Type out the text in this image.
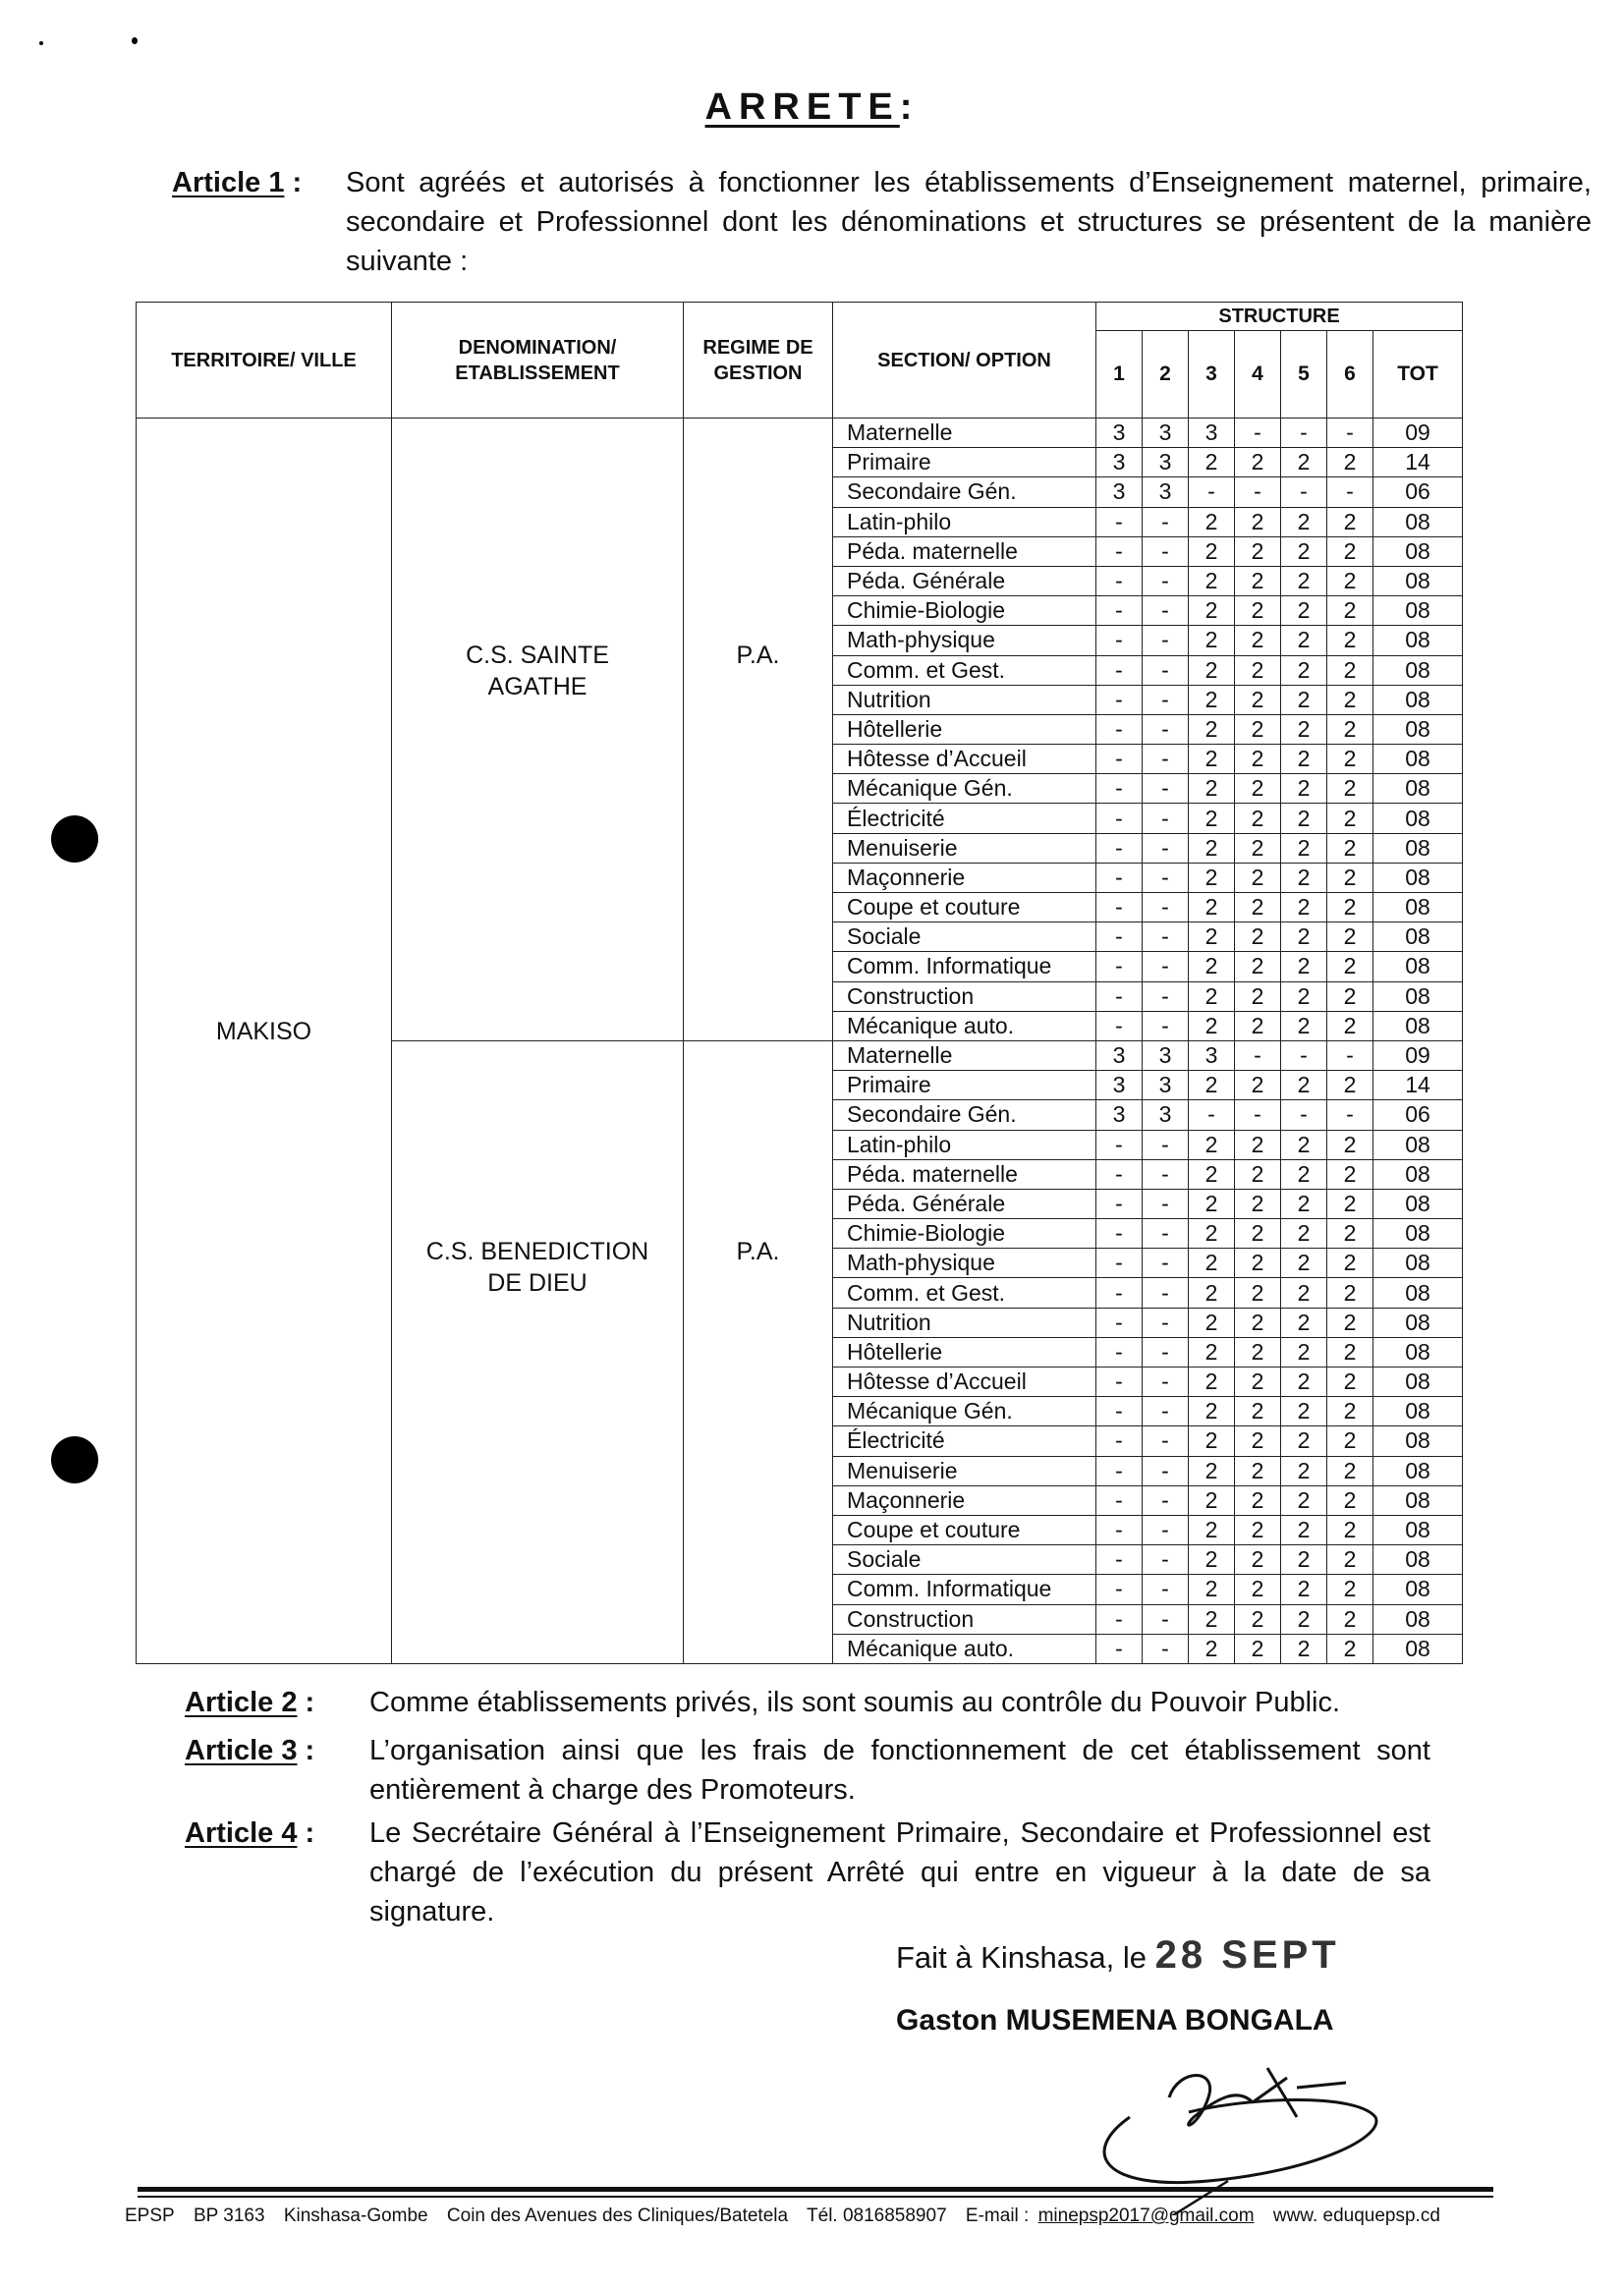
ARRETE:
Article 1 : Sont agréés et autorisés à fonctionner les établissements d’Enseignement maternel, primaire, secondaire et Professionnel dont les dénominations et structures se présentent de la manière suivante :
TERRITOIRE/ VILLE	DENOMINATION/ ETABLISSEMENT	REGIME DE GESTION	SECTION/ OPTION	STRUCTURE						
				1	2	3	4	5	6	TOT
MAKISO	C.S. SAINTE AGATHE	P.A.	Maternelle	3	3	3	-	-	-	09
			Primaire	3	3	2	2	2	2	14
			Secondaire Gén.	3	3	-	-	-	-	06
			Latin-philo	-	-	2	2	2	2	08
			Péda. maternelle	-	-	2	2	2	2	08
			Péda. Générale	-	-	2	2	2	2	08
			Chimie-Biologie	-	-	2	2	2	2	08
			Math-physique	-	-	2	2	2	2	08
			Comm. et Gest.	-	-	2	2	2	2	08
			Nutrition	-	-	2	2	2	2	08
			Hôtellerie	-	-	2	2	2	2	08
			Hôtesse d’Accueil	-	-	2	2	2	2	08
			Mécanique Gén.	-	-	2	2	2	2	08
			Électricité	-	-	2	2	2	2	08
			Menuiserie	-	-	2	2	2	2	08
			Maçonnerie	-	-	2	2	2	2	08
			Coupe et couture	-	-	2	2	2	2	08
			Sociale	-	-	2	2	2	2	08
			Comm. Informatique	-	-	2	2	2	2	08
			Construction	-	-	2	2	2	2	08
			Mécanique auto.	-	-	2	2	2	2	08
	C.S. BENEDICTION DE DIEU	P.A.	Maternelle	3	3	3	-	-	-	09
			Primaire	3	3	2	2	2	2	14
			Secondaire Gén.	3	3	-	-	-	-	06
			Latin-philo	-	-	2	2	2	2	08
			Péda. maternelle	-	-	2	2	2	2	08
			Péda. Générale	-	-	2	2	2	2	08
			Chimie-Biologie	-	-	2	2	2	2	08
			Math-physique	-	-	2	2	2	2	08
			Comm. et Gest.	-	-	2	2	2	2	08
			Nutrition	-	-	2	2	2	2	08
			Hôtellerie	-	-	2	2	2	2	08
			Hôtesse d’Accueil	-	-	2	2	2	2	08
			Mécanique Gén.	-	-	2	2	2	2	08
			Électricité	-	-	2	2	2	2	08
			Menuiserie	-	-	2	2	2	2	08
			Maçonnerie	-	-	2	2	2	2	08
			Coupe et couture	-	-	2	2	2	2	08
			Sociale	-	-	2	2	2	2	08
			Comm. Informatique	-	-	2	2	2	2	08
			Construction	-	-	2	2	2	2	08
			Mécanique auto.	-	-	2	2	2	2	08
Article 2 : Comme établissements privés, ils sont soumis au contrôle du Pouvoir Public.
Article 3 : L’organisation ainsi que les frais de fonctionnement de cet établissement sont entièrement à charge des Promoteurs.
Article 4 : Le Secrétaire Général à l’Enseignement Primaire, Secondaire et Professionnel est chargé de l’exécution du présent Arrêté qui entre en vigueur à la date de sa signature.
Fait à Kinshasa, le 28 SEPT
Gaston MUSEMENA BONGALA
EPSP BP 3163 Kinshasa-Gombe Coin des Avenues des Cliniques/Batetela Tél. 0816858907 E-mail : minepsp2017@gmail.com www. eduquepsp.cd
